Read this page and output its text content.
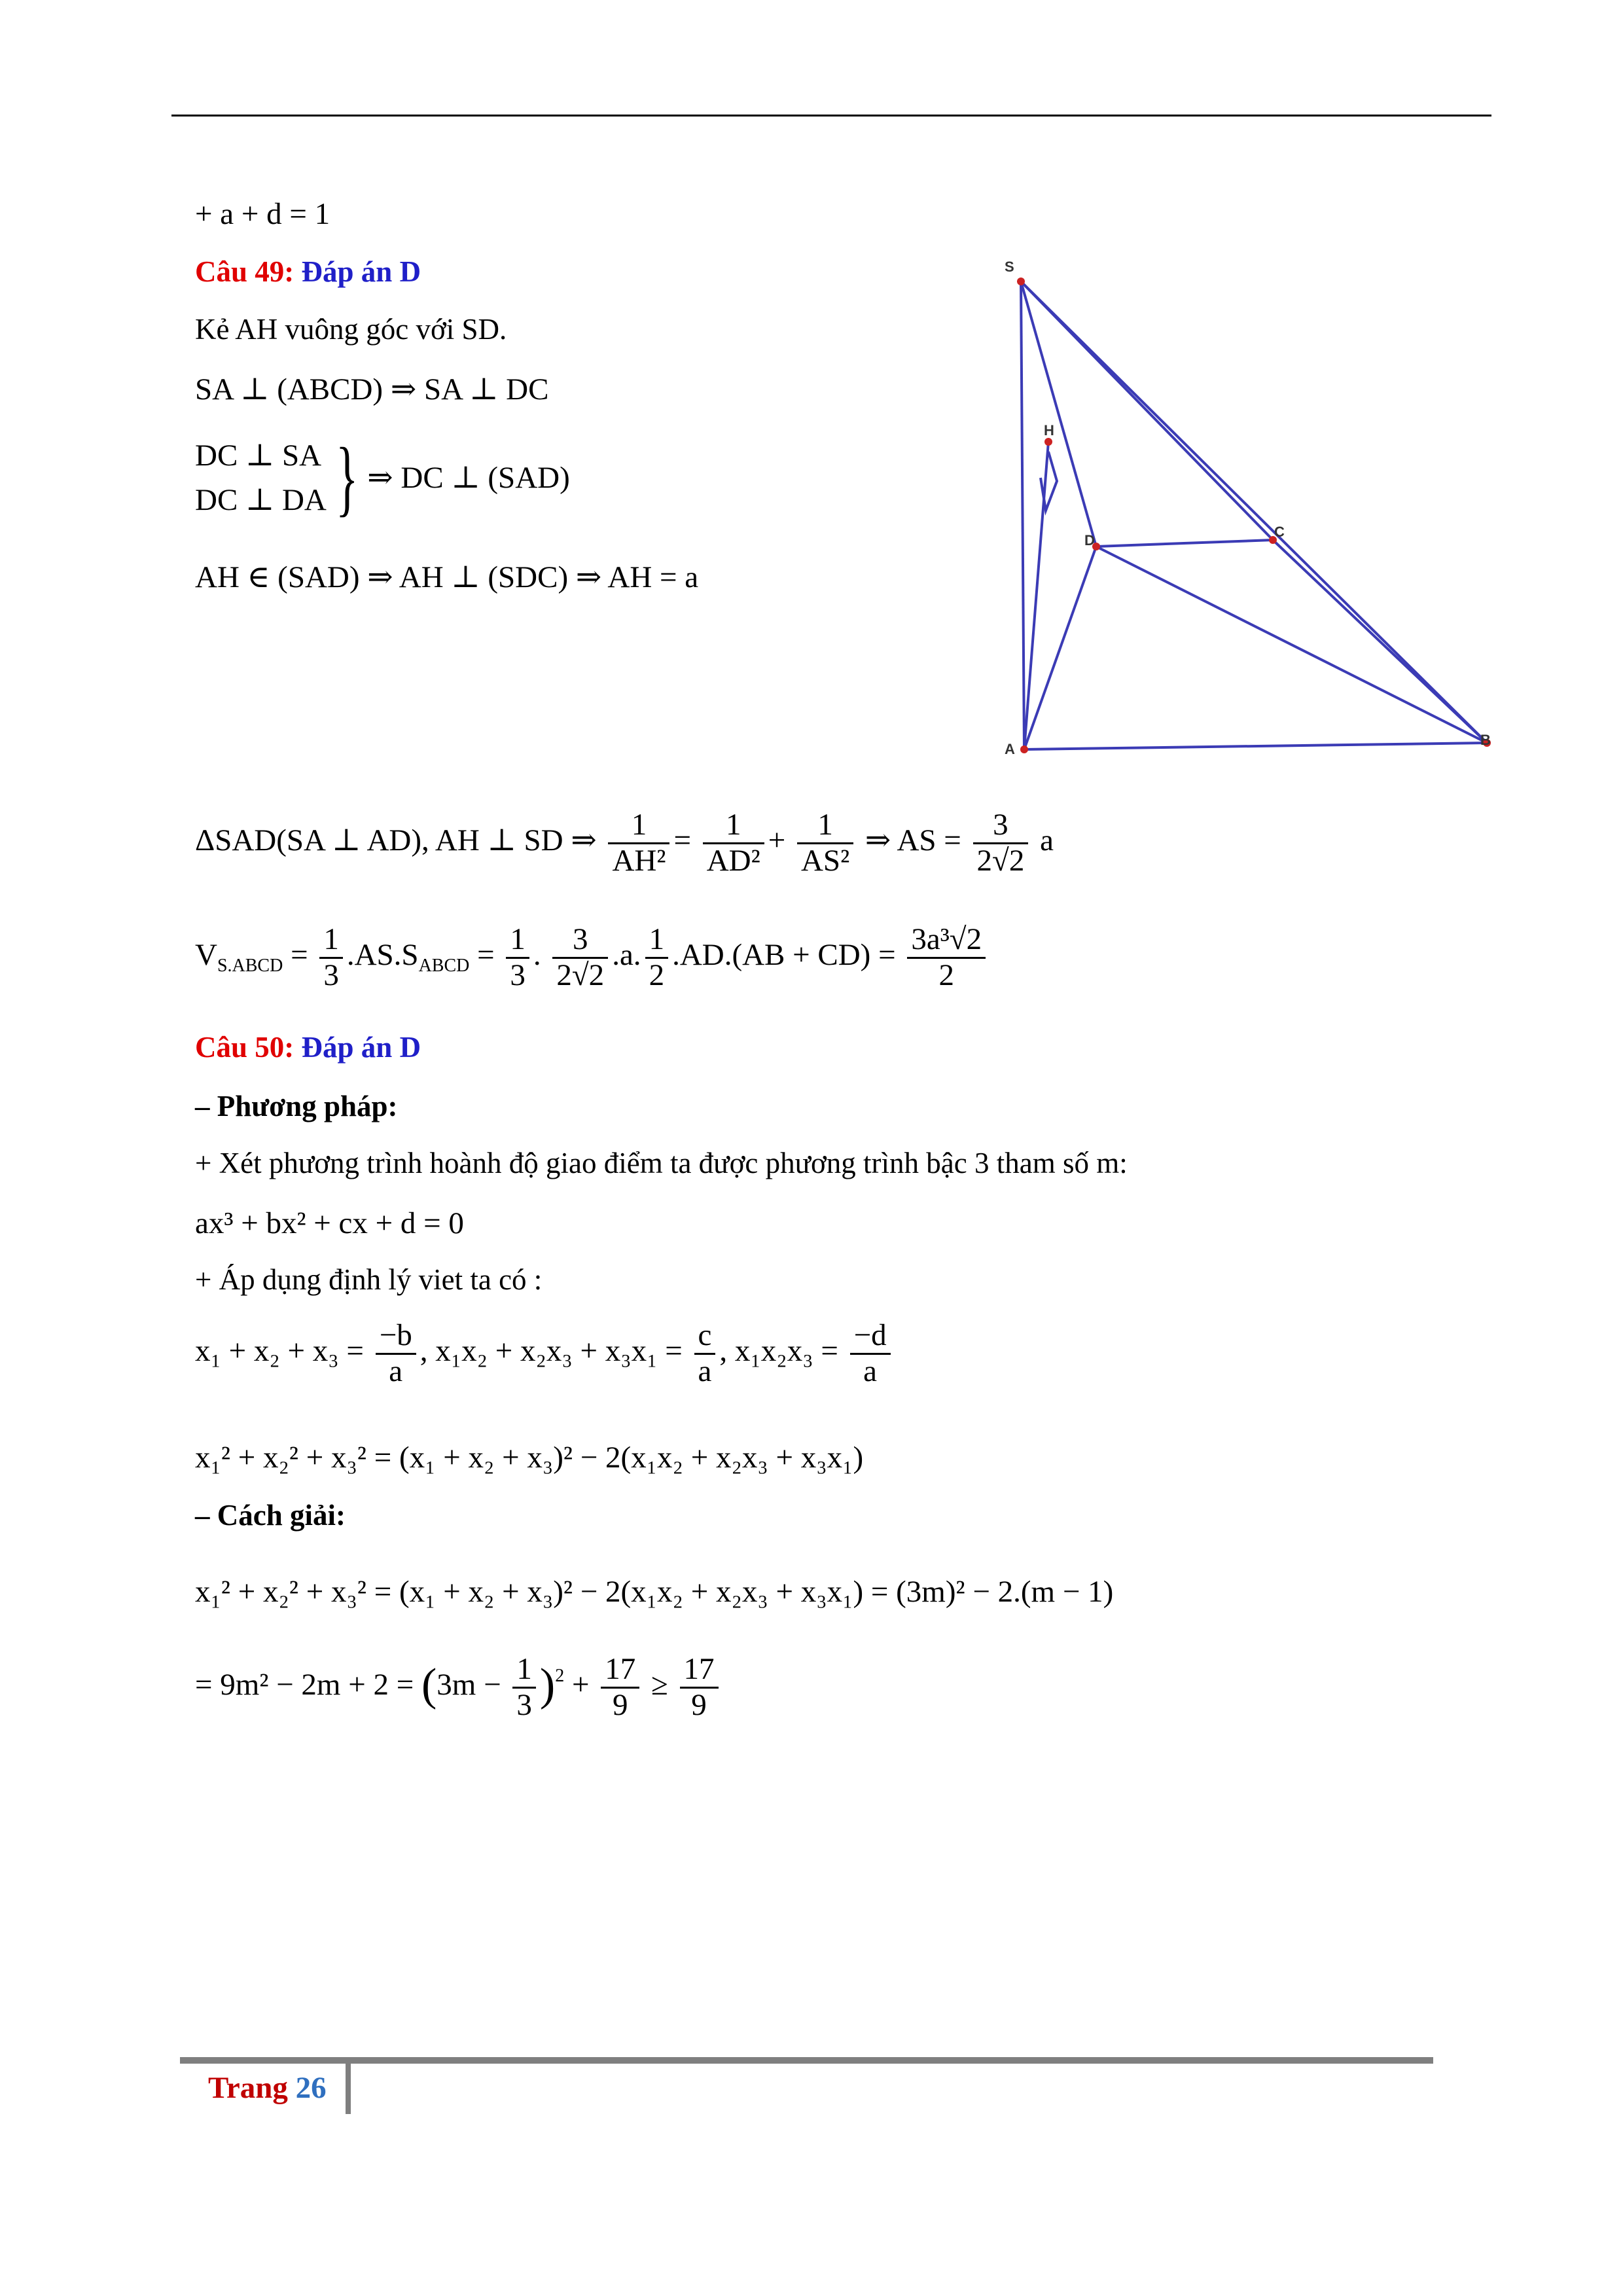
+ a + d = 1
Câu 49: Đáp án D
Kẻ AH vuông góc với SD.
SA ⊥ (ABCD) ⇒ SA ⊥ DC
DC ⊥ SA
DC ⊥ DA } ⇒ DC ⊥ (SAD)
AH ∈ (SAD) ⇒ AH ⊥ (SDC) ⇒ AH = a
S
H
D
C
A
B
ΔSAD(SA ⊥ AD), AH ⊥ SD ⇒ $\frac{1}{\text{AH²}} = \frac{1}{\text{AD²}} + \frac{1}{\text{AS²}}$ ⇒ AS = $\frac{3}{2√2}$ a
$V_{S.ABCD} = \frac{1}{3} .AS.S_{ABCD} = \frac{1}{3}$ . $\frac{3}{2√2} .a$. $\frac{1}{2} .AD.(AB + CD) = \frac{\text{3a³√2}}{2}$
Câu 50: Đáp án D
– Phương pháp:
+ Xét phương trình hoành độ giao điểm ta được phương trình bậc 3 tham số m:
ax³ + bx² + cx + d = 0
+ Áp dụng định lý viet ta có :
$x_1 + x_2 + x_3 = \frac{-b}{a}$ , $x_1x_2 + x_2x_3 + x_3x_1 = \frac{c}{a}$ , $x_1x_2x_3 = \frac{-d}{a}$
x₁² + x₂² + x₃² = (x₁ + x₂ + x₃)² − 2(x₁x₂ + x₂x₃ + x₃x₁)
– Cách giải:
x₁² + x₂² + x₃² = (x₁ + x₂ + x₃)² − 2(x₁x₂ + x₂x₃ + x₃x₁) = (3m)² − 2.(m − 1)
= $9m^2 - 2m + 2 = (3m - \frac{1}{3} )^2 + \frac{17}{9} \ge \frac{17}{9}$
Trang 26
